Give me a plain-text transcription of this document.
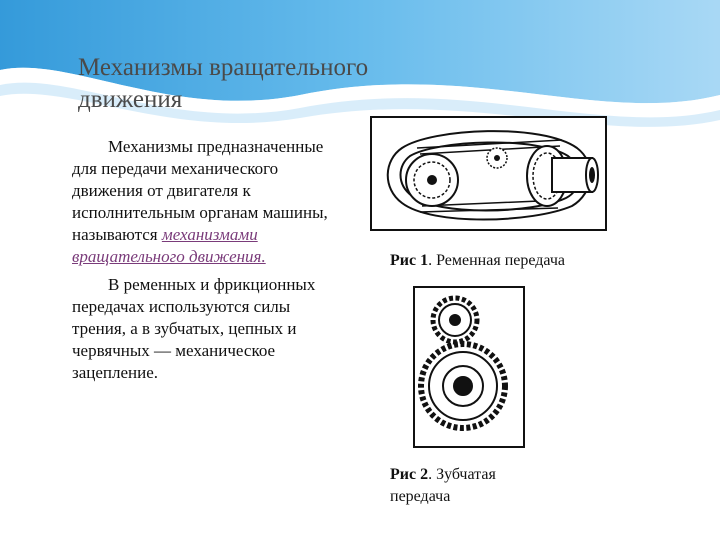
Механизмы вращательного движения

Механизмы предназначенные для передачи механического движения от двигателя к исполнительным органам машины, называются механизмами вращательного движения.

В ременных и фрикционных передачах используются силы трения, а в зубчатых, цепных и червячных — механическое зацепление.

Рис 1. Ременная передача
Рис 2. Зубчатая передача
